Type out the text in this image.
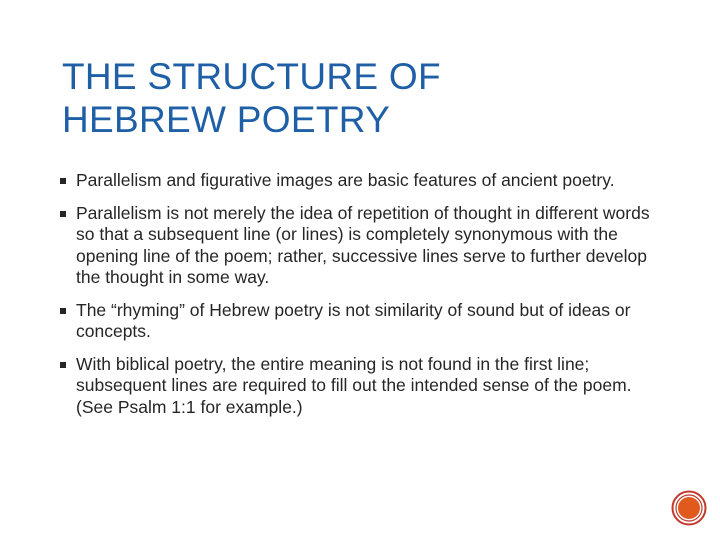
THE STRUCTURE OF
HEBREW POETRY
Parallelism and figurative images are basic features of ancient poetry.
Parallelism is not merely the idea of repetition of thought in different words so that a subsequent line (or lines) is completely synonymous with the opening line of the poem; rather, successive lines serve to further develop the thought in some way.
The “rhyming” of Hebrew poetry is not similarity of sound but of ideas or concepts.
With biblical poetry, the entire meaning is not found in the first line; subsequent lines are required to fill out the intended sense of the poem. (See Psalm 1:1 for example.)
